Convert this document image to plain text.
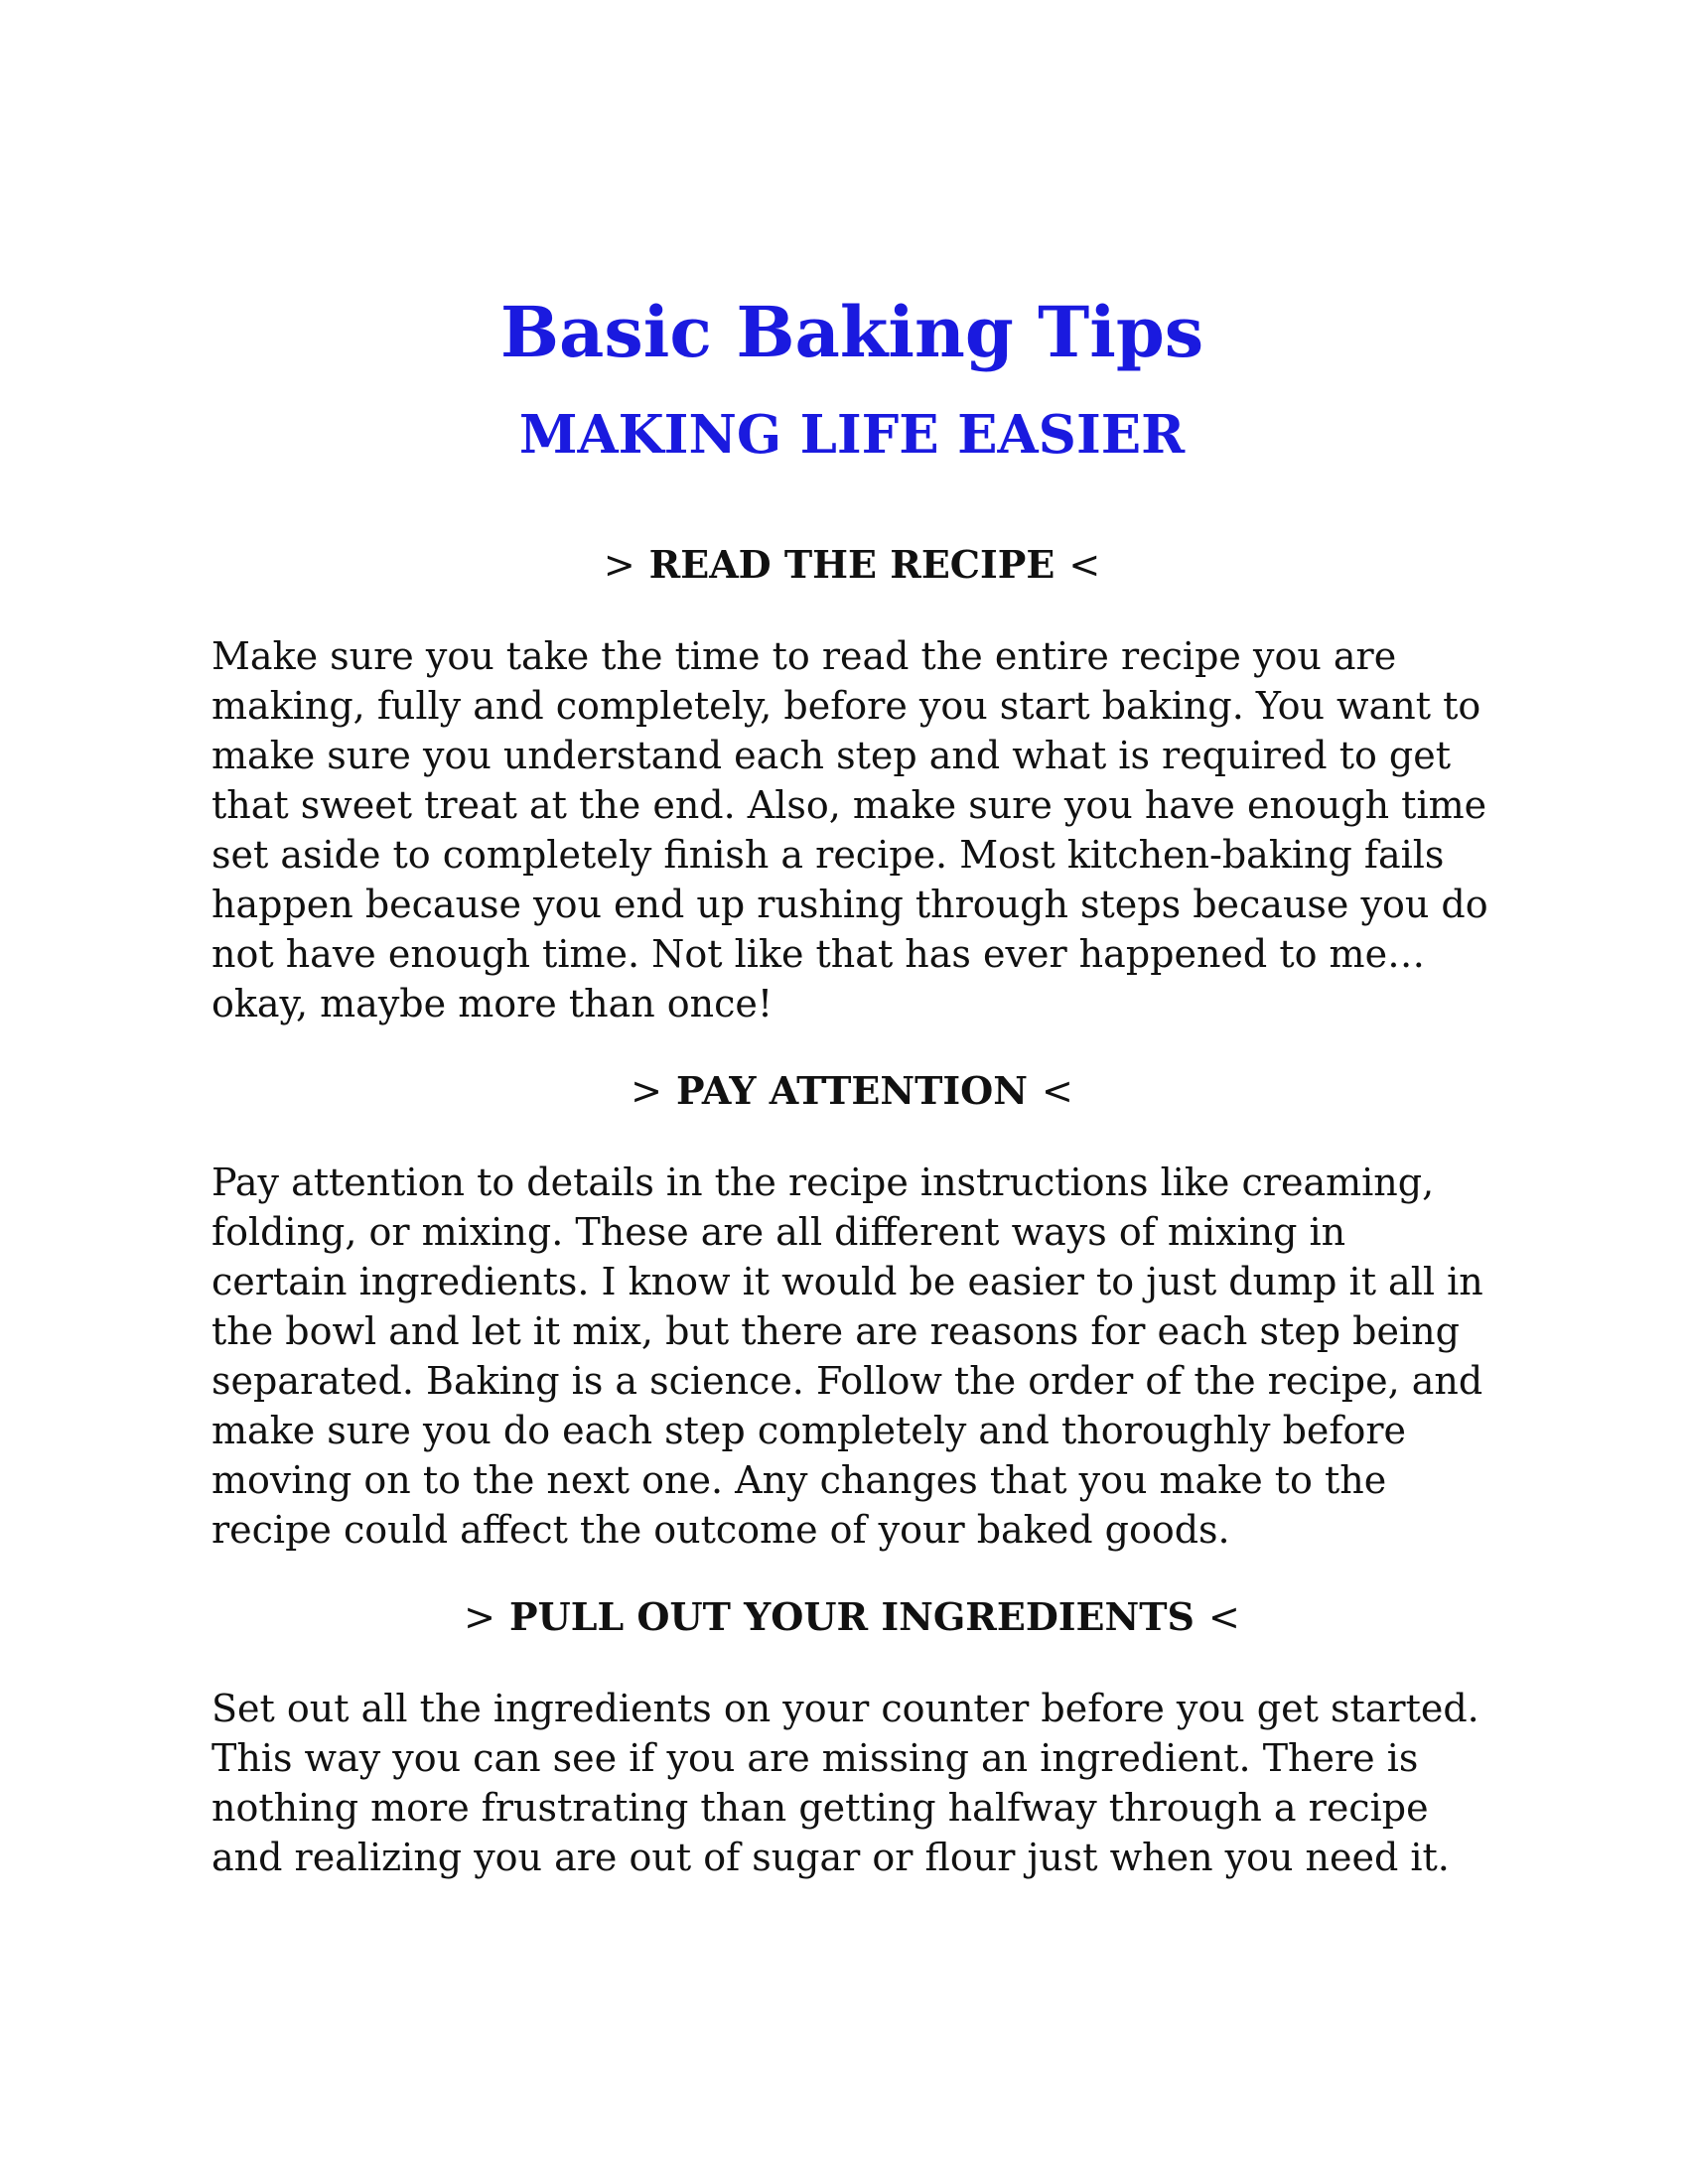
Basic Baking Tips
MAKING LIFE EASIER
> READ THE RECIPE <

Make sure you take the time to read the entire recipe you are making, fully and completely, before you start baking. You want to make sure you understand each step and what is required to get that sweet treat at the end. Also, make sure you have enough time set aside to completely finish a recipe. Most kitchen-baking fails happen because you end up rushing through steps because you do not have enough time. Not like that has ever happened to me…okay, maybe more than once!

> PAY ATTENTION <

Pay attention to details in the recipe instructions like creaming, folding, or mixing. These are all different ways of mixing in certain ingredients. I know it would be easier to just dump it all in the bowl and let it mix, but there are reasons for each step being separated. Baking is a science. Follow the order of the recipe, and make sure you do each step completely and thoroughly before moving on to the next one. Any changes that you make to the recipe could affect the outcome of your baked goods.

> PULL OUT YOUR INGREDIENTS <

Set out all the ingredients on your counter before you get started. This way you can see if you are missing an ingredient. There is nothing more frustrating than getting halfway through a recipe and realizing you are out of sugar or flour just when you need it.
